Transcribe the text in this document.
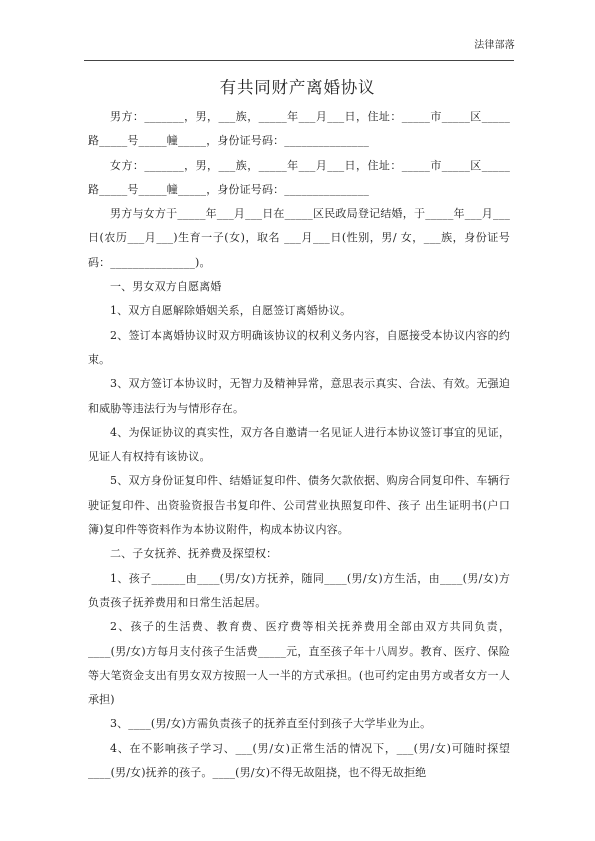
法律部落
有共同财产离婚协议

男方：_______，男，___族，_____年___月___日，住址：_____市_____区_____路_____号_____幢_____，身份证号码：_______________

女方：_______，男，___族，_____年___月___日，住址：_____市_____区_____路_____号_____幢_____，身份证号码：_______________

男方与女方于_____年___月___日在_____区民政局登记结婚，于_____年___月___日(农历___月___)生育一子(女)，取名 ___月___日(性别，男/ 女，___族，身份证号码：_______________)。

一、男女双方自愿离婚

1、双方自愿解除婚姻关系，自愿签订离婚协议。

2、签订本离婚协议时双方明确该协议的权利义务内容，自愿接受本协议内容的约束。

3、双方签订本协议时，无智力及精神异常，意思表示真实、合法、有效。无强迫和威胁等违法行为与情形存在。

4、为保证协议的真实性，双方各自邀请一名见证人进行本协议签订事宜的见证，见证人有权持有该协议。

5、双方身份证复印件、结婚证复印件、债务欠款依据、购房合同复印件、车辆行驶证复印件、出资验资报告书复印件、公司营业执照复印件、孩子 出生证明书(户口簿)复印件等资料作为本协议附件，构成本协议内容。

二、子女抚养、抚养费及探望权：

1、孩子______由____(男/女)方抚养，随同____(男/女)方生活，由____(男/女)方负责孩子抚养费用和日常生活起居。

2、孩子的生活费、教育费、医疗费等相关抚养费用全部由双方共同负责，____(男/女)方每月支付孩子生活费_____元，直至孩子年十八周岁。教育、医疗、保险等大笔资金支出有男女双方按照一人一半的方式承担。(也可约定由男方或者女方一人承担)

3、____(男/女)方需负责孩子的抚养直至付到孩子大学毕业为止。

4、在不影响孩子学习、___(男/女)正常生活的情况下，___(男/女)可随时探望____(男/女)抚养的孩子。____(男/女)不得无故阻挠，也不得无故拒绝
